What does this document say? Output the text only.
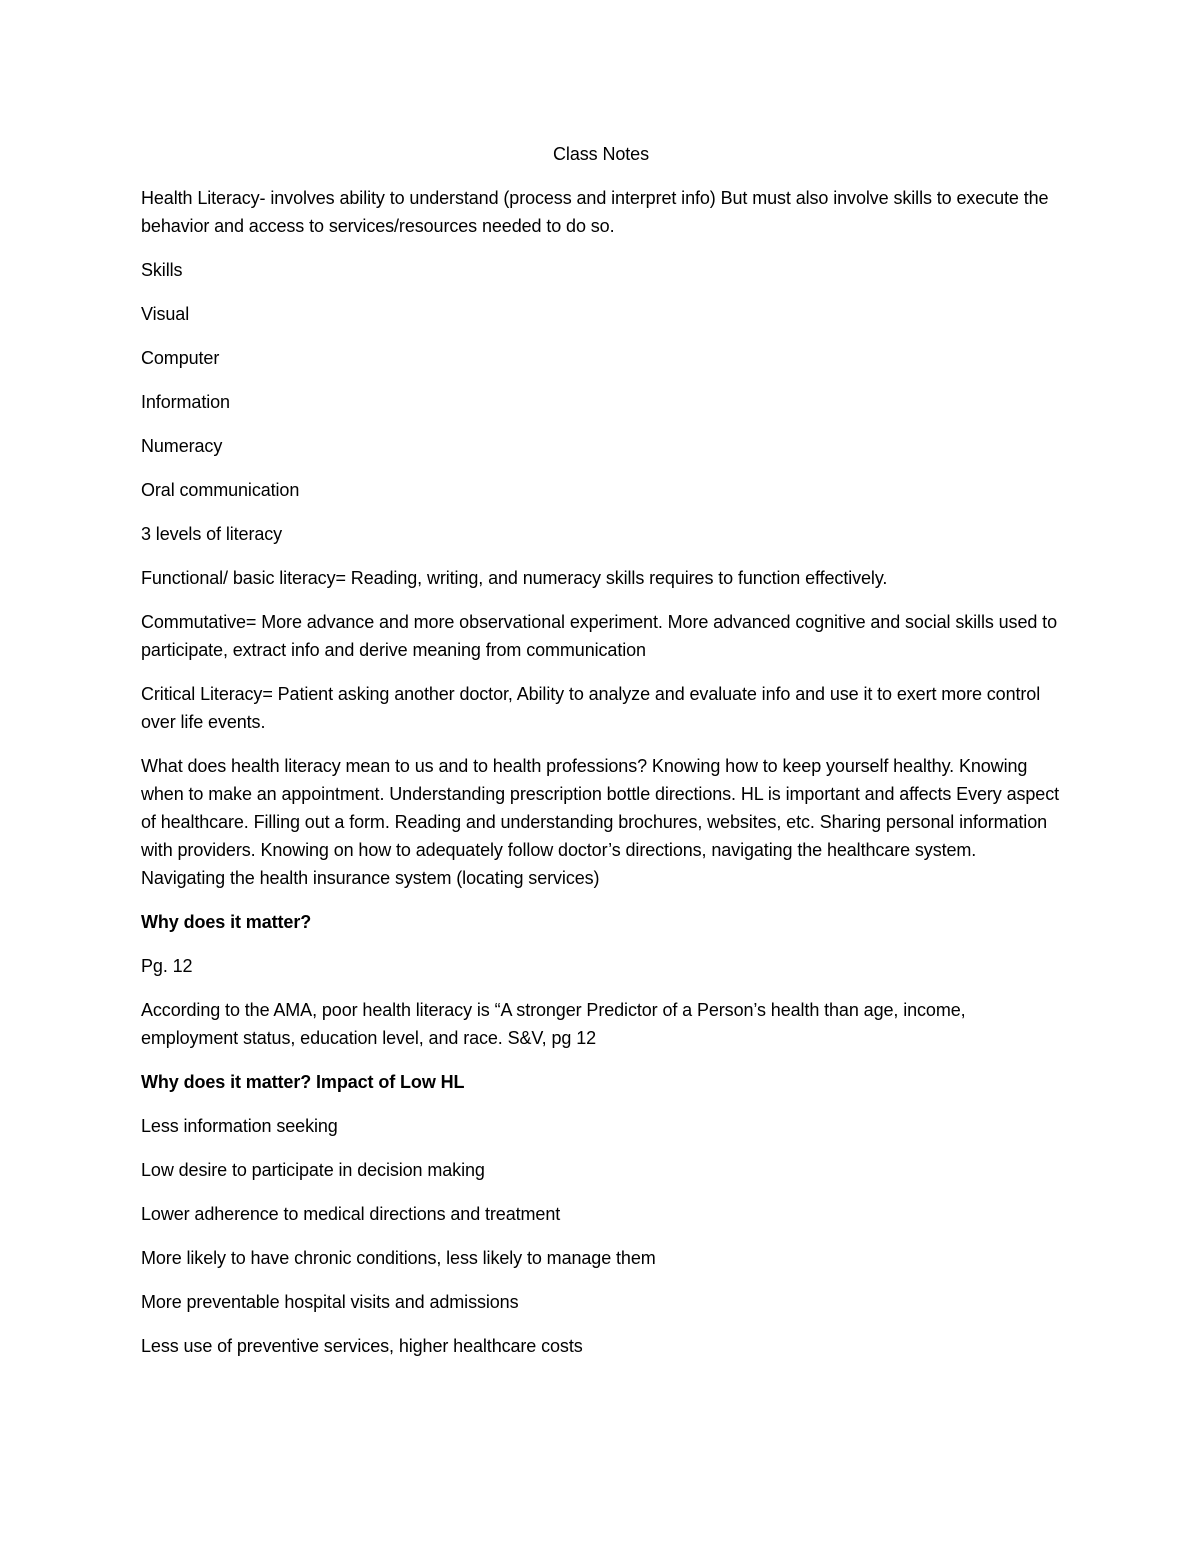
Class Notes

Health Literacy- involves ability to understand (process and interpret info) But must also involve skills to execute the behavior and access to services/resources needed to do so.

Skills

Visual

Computer

Information

Numeracy

Oral communication

3 levels of literacy

Functional/ basic literacy= Reading, writing, and numeracy skills requires to function effectively.

Commutative= More advance and more observational experiment. More advanced cognitive and social skills used to participate, extract info and derive meaning from communication

Critical Literacy= Patient asking another doctor, Ability to analyze and evaluate info and use it to exert more control over life events.

What does health literacy mean to us and to health professions? Knowing how to keep yourself healthy. Knowing when to make an appointment. Understanding prescription bottle directions. HL is important and affects Every aspect of healthcare. Filling out a form. Reading and understanding brochures, websites, etc. Sharing personal information with providers. Knowing on how to adequately follow doctor’s directions, navigating the healthcare system. Navigating the health insurance system (locating services)

Why does it matter?

Pg. 12

According to the AMA, poor health literacy is “A stronger Predictor of a Person’s health than age, income, employment status, education level, and race. S&V, pg 12

Why does it matter? Impact of Low HL

Less information seeking

Low desire to participate in decision making

Lower adherence to medical directions and treatment

More likely to have chronic conditions, less likely to manage them

More preventable hospital visits and admissions

Less use of preventive services, higher healthcare costs
